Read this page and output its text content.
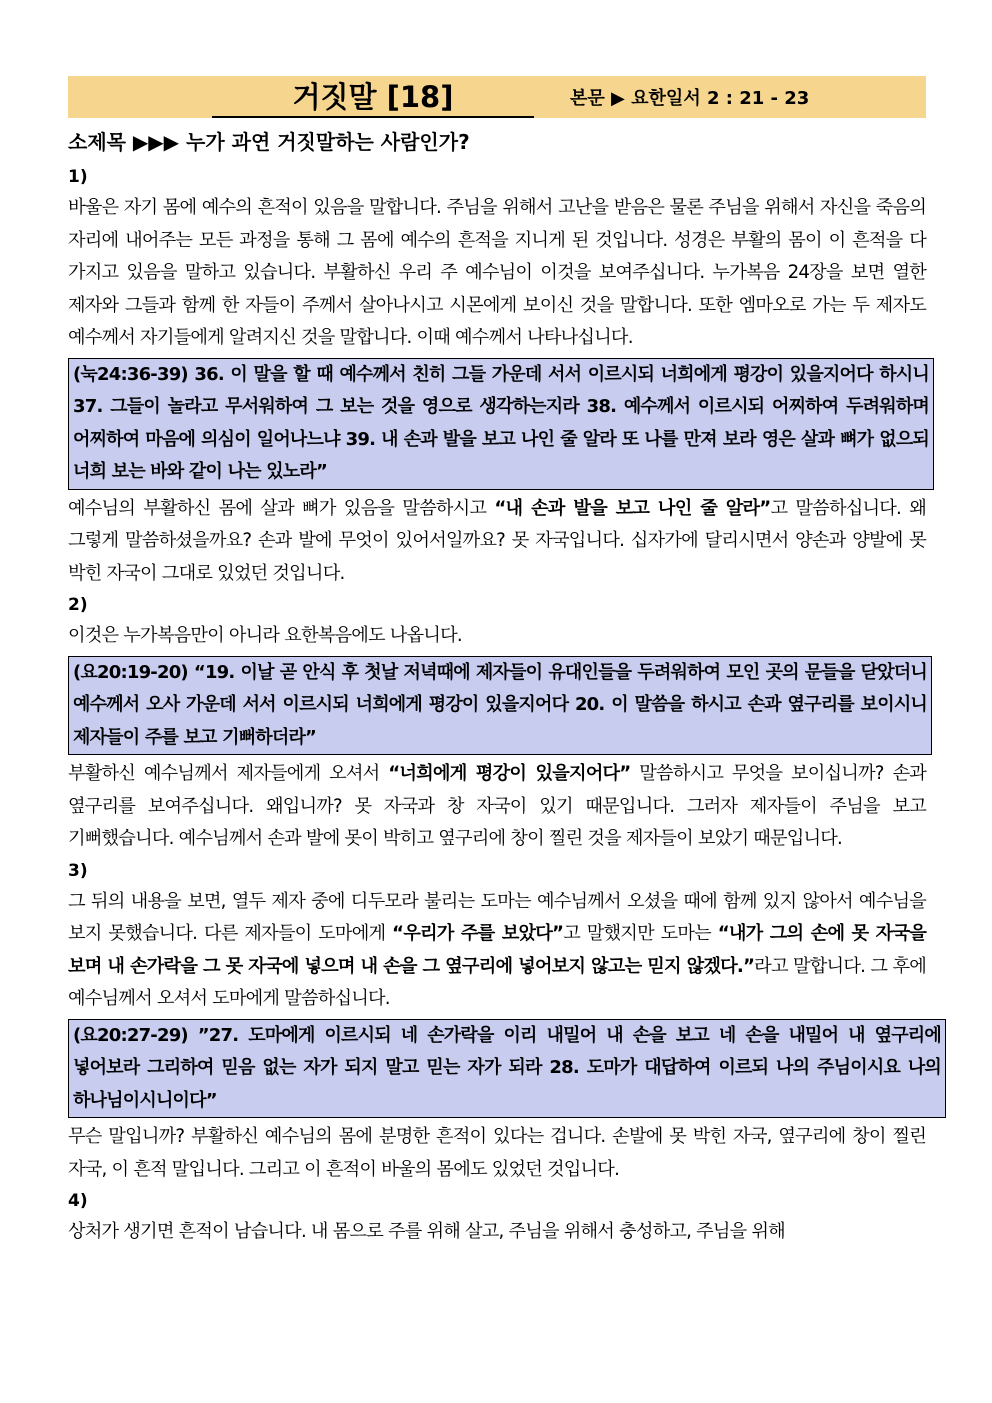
거짓말 [18]	본문 ▶ 요한일서 2 : 21 - 23
소제목 ▶▶▶ 누가 과연 거짓말하는 사람인가?
1)

바울은 자기 몸에 예수의 흔적이 있음을 말합니다. 주님을 위해서 고난을 받음은 물론 주님을 위해서 자신을 죽음의 자리에 내어주는 모든 과정을 통해 그 몸에 예수의 흔적을 지니게 된 것입니다. 성경은 부활의 몸이 이 흔적을 다 가지고 있음을 말하고 있습니다. 부활하신 우리 주 예수님이 이것을 보여주십니다. 누가복음 24장을 보면 열한 제자와 그들과 함께 한 자들이 주께서 살아나시고 시몬에게 보이신 것을 말합니다. 또한 엠마오로 가는 두 제자도 예수께서 자기들에게 알려지신 것을 말합니다. 이때 예수께서 나타나십니다.

(눅24:36-39) 36. 이 말을 할 때 예수께서 친히 그들 가운데 서서 이르시되 너희에게 평강이 있을지어다 하시니 37. 그들이 놀라고 무서워하여 그 보는 것을 영으로 생각하는지라 38. 예수께서 이르시되 어찌하여 두려워하며 어찌하여 마음에 의심이 일어나느냐 39. 내 손과 발을 보고 나인 줄 알라 또 나를 만져 보라 영은 살과 뼈가 없으되 너희 보는 바와 같이 나는 있노라”

예수님의 부활하신 몸에 살과 뼈가 있음을 말씀하시고 “내 손과 발을 보고 나인 줄 알라”고 말씀하십니다. 왜 그렇게 말씀하셨을까요? 손과 발에 무엇이 있어서일까요? 못 자국입니다. 십자가에 달리시면서 양손과 양발에 못 박힌 자국이 그대로 있었던 것입니다.

2)

이것은 누가복음만이 아니라 요한복음에도 나옵니다.

(요20:19-20) “19. 이날 곧 안식 후 첫날 저녁때에 제자들이 유대인들을 두려워하여 모인 곳의 문들을 닫았더니 예수께서 오사 가운데 서서 이르시되 너희에게 평강이 있을지어다 20. 이 말씀을 하시고 손과 옆구리를 보이시니 제자들이 주를 보고 기뻐하더라”

부활하신 예수님께서 제자들에게 오셔서 “너희에게 평강이 있을지어다” 말씀하시고 무엇을 보이십니까? 손과 옆구리를 보여주십니다. 왜입니까? 못 자국과 창 자국이 있기 때문입니다. 그러자 제자들이 주님을 보고 기뻐했습니다. 예수님께서 손과 발에 못이 박히고 옆구리에 창이 찔린 것을 제자들이 보았기 때문입니다.

3)

그 뒤의 내용을 보면, 열두 제자 중에 디두모라 불리는 도마는 예수님께서 오셨을 때에 함께 있지 않아서 예수님을 보지 못했습니다. 다른 제자들이 도마에게 “우리가 주를 보았다”고 말했지만 도마는 “내가 그의 손에 못 자국을 보며 내 손가락을 그 못 자국에 넣으며 내 손을 그 옆구리에 넣어보지 않고는 믿지 않겠다.”라고 말합니다. 그 후에 예수님께서 오셔서 도마에게 말씀하십니다.

(요20:27-29) ”27. 도마에게 이르시되 네 손가락을 이리 내밀어 내 손을 보고 네 손을 내밀어 내 옆구리에 넣어보라 그리하여 믿음 없는 자가 되지 말고 믿는 자가 되라 28. 도마가 대답하여 이르되 나의 주님이시요 나의 하나님이시니이다”

무슨 말입니까? 부활하신 예수님의 몸에 분명한 흔적이 있다는 겁니다. 손발에 못 박힌 자국, 옆구리에 창이 찔린 자국, 이 흔적 말입니다. 그리고 이 흔적이 바울의 몸에도 있었던 것입니다.

4)

상처가 생기면 흔적이 남습니다. 내 몸으로 주를 위해 살고, 주님을 위해서 충성하고, 주님을 위해
